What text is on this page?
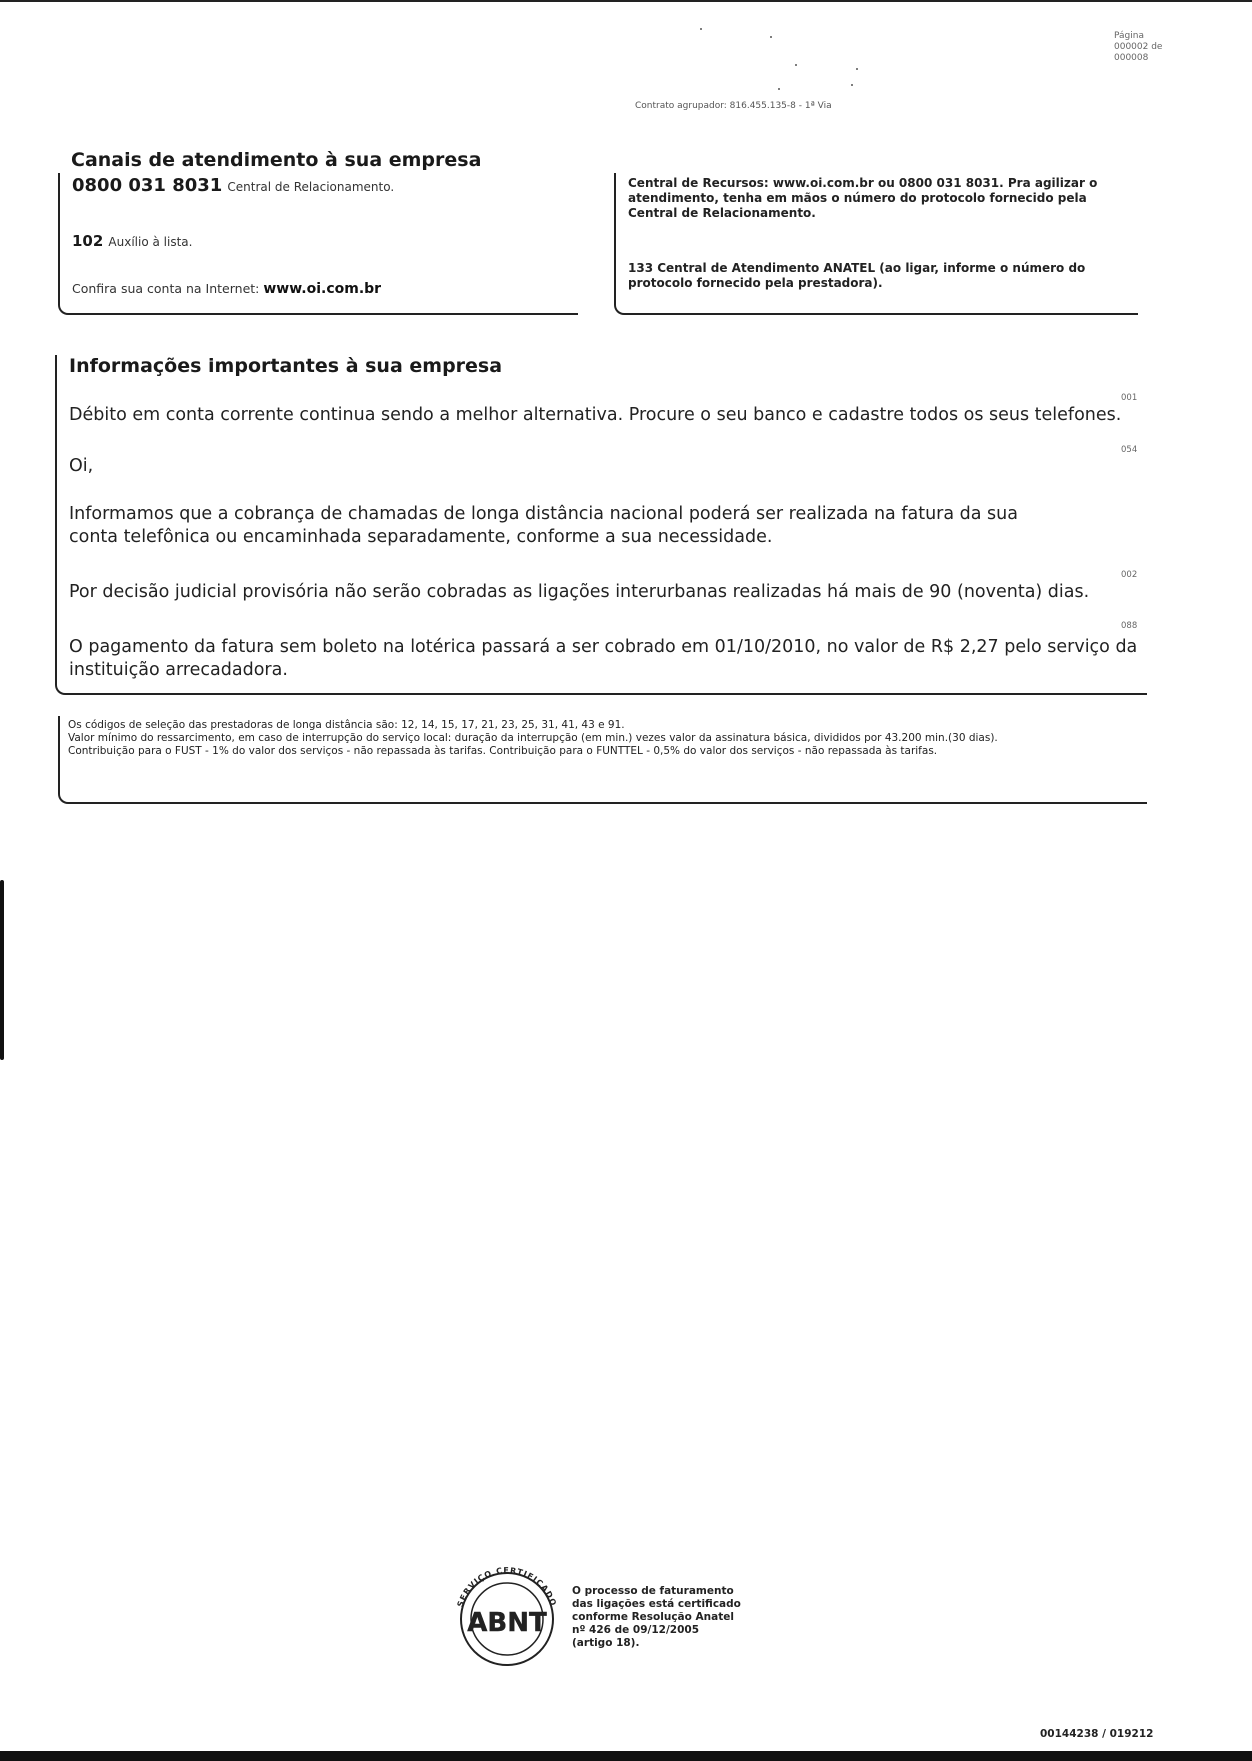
Página
000002 de
000008
Contrato agrupador: 816.455.135-8 - 1ª Via
Canais de atendimento à sua empresa
0800 031 8031 Central de Relacionamento.
102 Auxílio à lista.
Confira sua conta na Internet: www.oi.com.br
Central de Recursos: www.oi.com.br ou 0800 031 8031. Pra agilizar o atendimento, tenha em mãos o número do protocolo fornecido pela Central de Relacionamento.
133 Central de Atendimento ANATEL (ao ligar, informe o número do protocolo fornecido pela prestadora).
Informações importantes à sua empresa
001
Débito em conta corrente continua sendo a melhor alternativa. Procure o seu banco e cadastre todos os seus telefones.
054
Oi,
Informamos que a cobrança de chamadas de longa distância nacional poderá ser realizada na fatura da sua conta telefônica ou encaminhada separadamente, conforme a sua necessidade.
002
Por decisão judicial provisória não serão cobradas as ligações interurbanas realizadas há mais de 90 (noventa) dias.
088
O pagamento da fatura sem boleto na lotérica passará a ser cobrado em 01/10/2010, no valor de R$ 2,27 pelo serviço da instituição arrecadadora.
Os códigos de seleção das prestadoras de longa distância são: 12, 14, 15, 17, 21, 23, 25, 31, 41, 43 e 91.
Valor mínimo do ressarcimento, em caso de interrupção do serviço local: duração da interrupção (em min.) vezes valor da assinatura básica, divididos por 43.200 min.(30 dias).
Contribuição para o FUST - 1% do valor dos serviços - não repassada às tarifas. Contribuição para o FUNTTEL - 0,5% do valor dos serviços - não repassada às tarifas.
SERVIÇO CERTIFICADO
ABNT
O processo de faturamento das ligações está certificado conforme Resolução Anatel nº 426 de 09/12/2005 (artigo 18).
00144238 / 019212
